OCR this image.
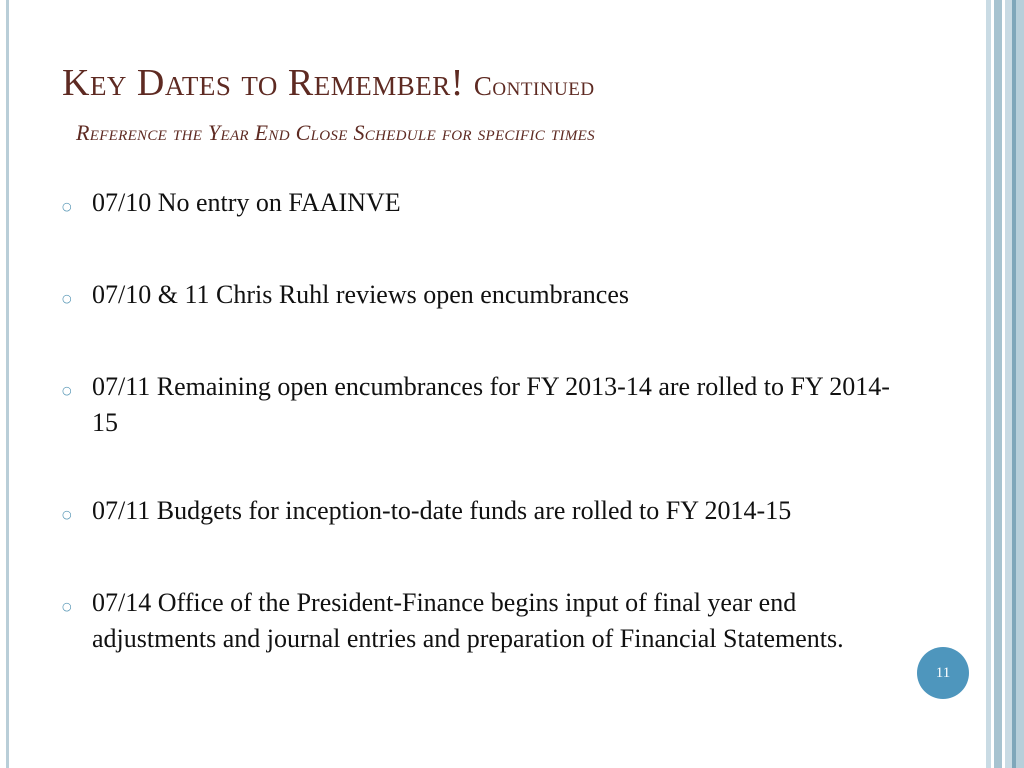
Key Dates to Remember! Continued
Reference the Year End Close Schedule for specific times
○ 07/10 No entry on FAAINVE
○ 07/10 & 11 Chris Ruhl reviews open encumbrances
○ 07/11 Remaining open encumbrances for FY 2013-14 are rolled to FY 2014-15
○ 07/11 Budgets for inception-to-date funds are rolled to FY 2014-15
○ 07/14 Office of the President-Finance begins input of final year end adjustments and journal entries and preparation of Financial Statements.
11
